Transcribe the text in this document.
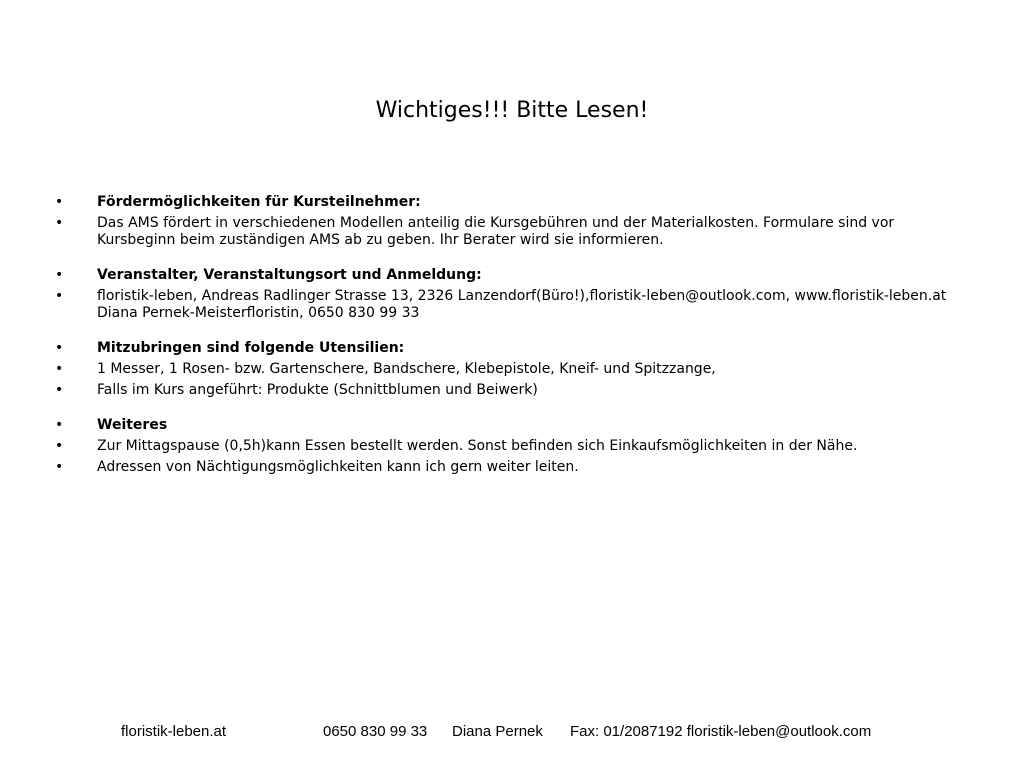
Wichtiges!!! Bitte Lesen!
• Fördermöglichkeiten für Kursteilnehmer:
• Das AMS fördert in verschiedenen Modellen anteilig die Kursgebühren und der Materialkosten. Formulare sind vor Kursbeginn beim zuständigen AMS ab zu geben. Ihr Berater wird sie informieren.
• Veranstalter, Veranstaltungsort und Anmeldung:
• floristik-leben, Andreas Radlinger Strasse 13, 2326 Lanzendorf(Büro!),floristik-leben@outlook.com, www.floristik-leben.at Diana Pernek-Meisterfloristin, 0650 830 99 33
• Mitzubringen sind folgende Utensilien:
• 1 Messer, 1 Rosen- bzw. Gartenschere, Bandschere, Klebepistole, Kneif- und Spitzzange,
• Falls im Kurs angeführt: Produkte (Schnittblumen und Beiwerk)
• Weiteres
• Zur Mittagspause (0,5h)kann Essen bestellt werden. Sonst befinden sich Einkaufsmöglichkeiten in der Nähe.
• Adressen von Nächtigungsmöglichkeiten kann ich gern weiter leiten.
floristik-leben.at	0650 830 99 33 Diana Pernek Fax: 01/2087192 floristik-leben@outlook.com
